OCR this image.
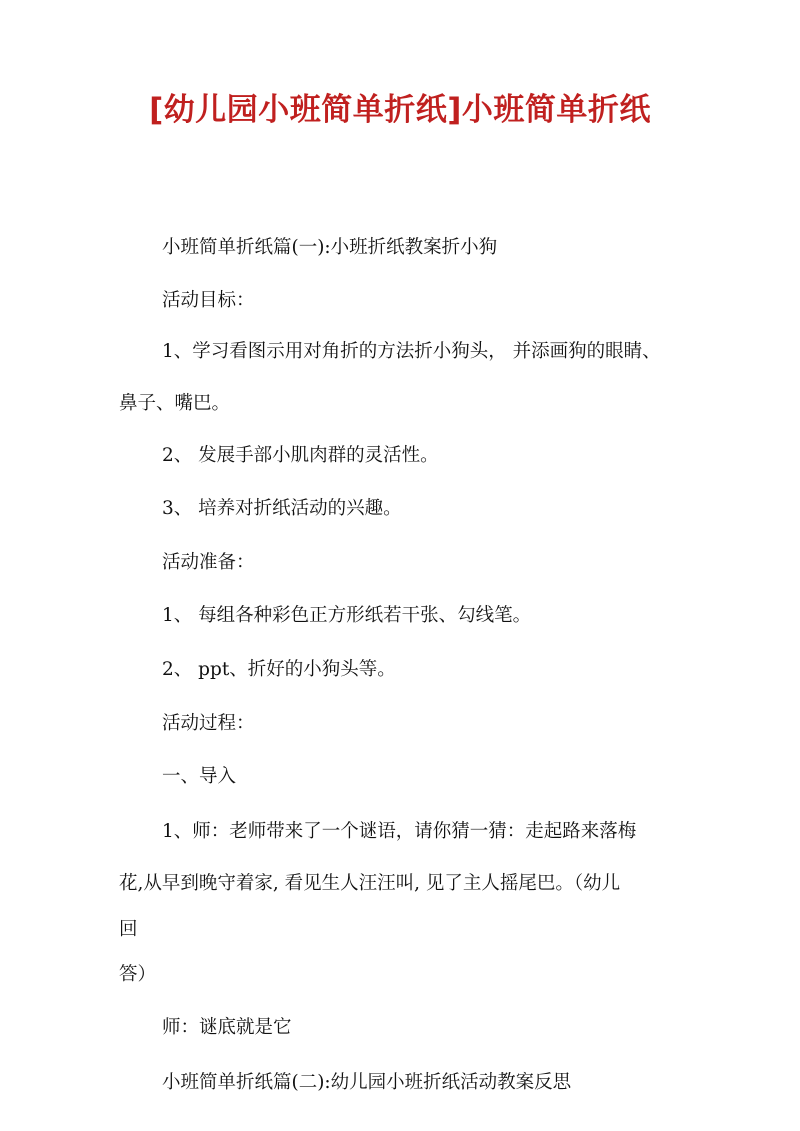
[幼儿园小班简单折纸]小班简单折纸
小班简单折纸篇(一):小班折纸教案折小狗
活动目标：
1、学习看图示用对角折的方法折小狗头， 并添画狗的眼睛、
鼻子、嘴巴。
2、 发展手部小肌肉群的灵活性。
3、 培养对折纸活动的兴趣。
活动准备：
1、 每组各种彩色正方形纸若干张、勾线笔。
2、 ppt、折好的小狗头等。
活动过程：
一、导入
1、师：老师带来了一个谜语，请你猜一猜：走起路来落梅
花,从早到晚守着家, 看见生人汪汪叫, 见了主人摇尾巴。（幼儿
回
答）
师：谜底就是它
小班简单折纸篇(二):幼儿园小班折纸活动教案反思
